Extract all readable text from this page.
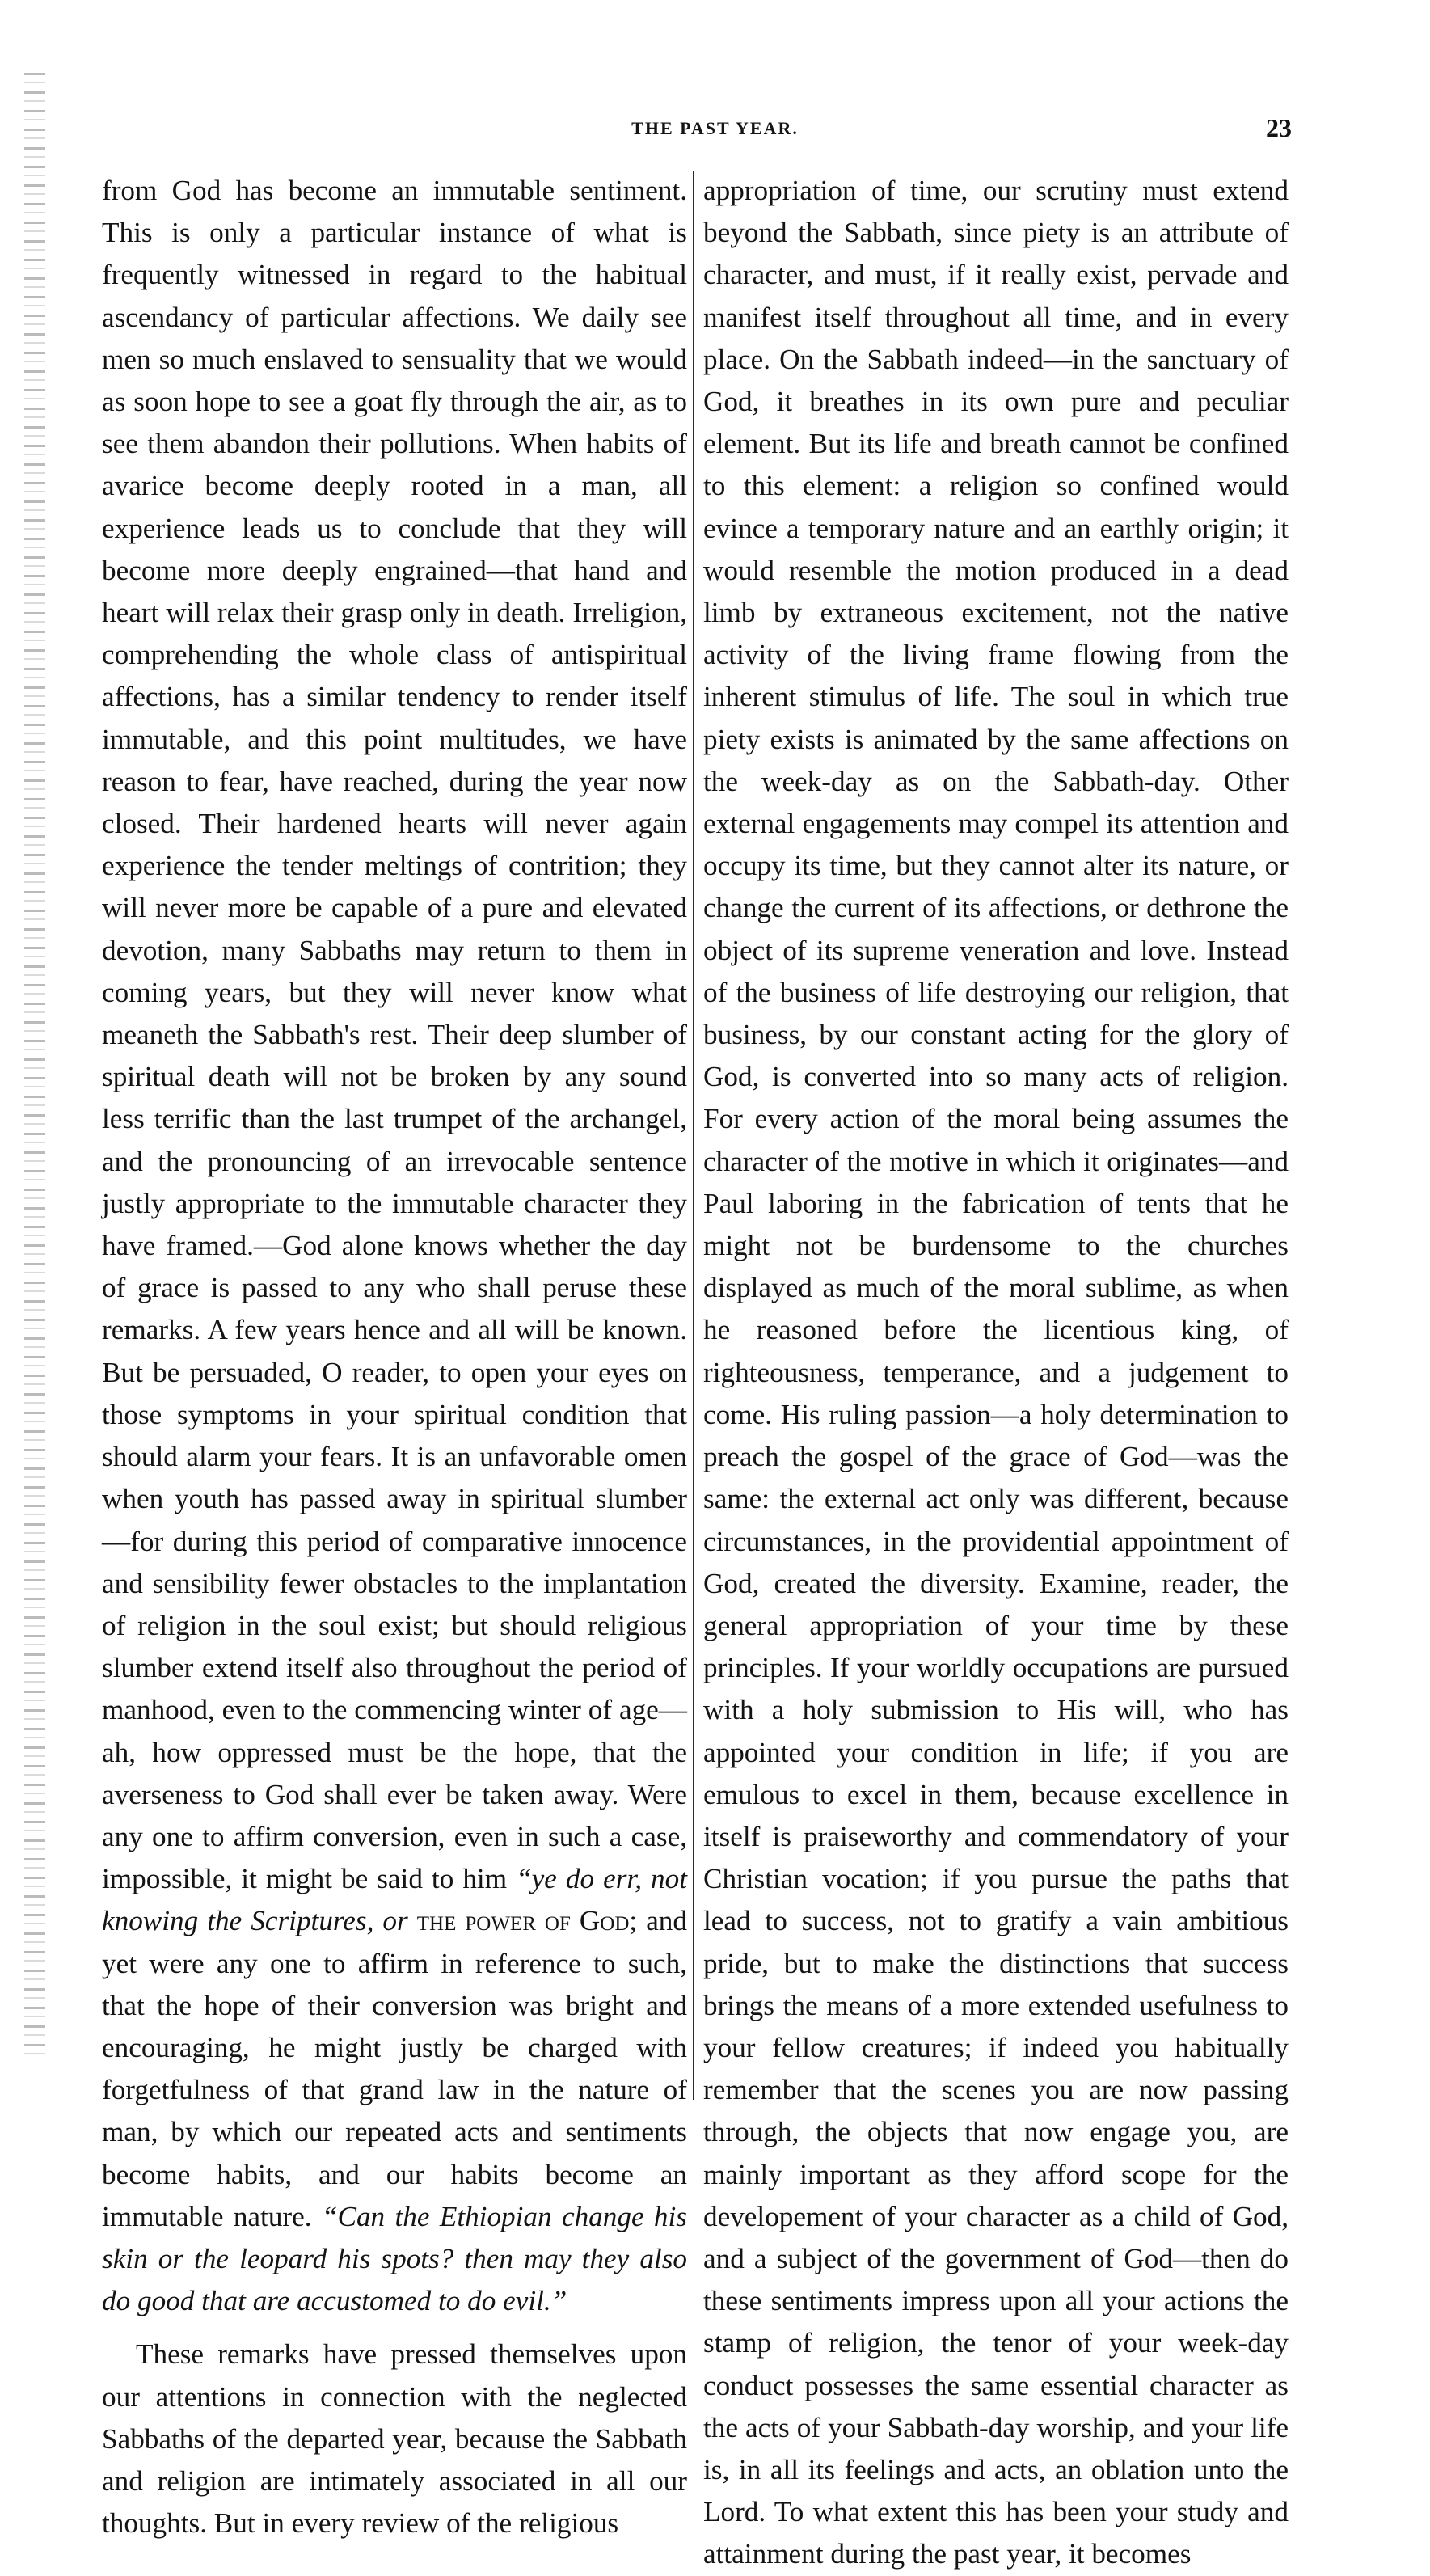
THE PAST YEAR.	23

from God has become an immutable sentiment. This is only a particular instance of what is frequently witnessed in regard to the habitual ascendancy of particular affections. We daily see men so much enslaved to sensuality that we would as soon hope to see a goat fly through the air, as to see them abandon their pollutions. When habits of avarice become deeply rooted in a man, all experience leads us to conclude that they will become more deeply engrained—that hand and heart will relax their grasp only in death. Irreligion, comprehending the whole class of antispiritual affections, has a similar tendency to render itself immutable, and this point multitudes, we have reason to fear, have reached, during the year now closed. Their hardened hearts will never again experience the tender meltings of contrition; they will never more be capable of a pure and elevated devotion, many Sabbaths may return to them in coming years, but they will never know what meaneth the Sabbath's rest. Their deep slumber of spiritual death will not be broken by any sound less terrific than the last trumpet of the archangel, and the pronouncing of an irrevocable sentence justly appropriate to the immutable character they have framed.—God alone knows whether the day of grace is passed to any who shall peruse these remarks. A few years hence and all will be known. But be persuaded, O reader, to open your eyes on those symptoms in your spiritual condition that should alarm your fears. It is an unfavorable omen when youth has passed away in spiritual slumber—for during this period of comparative innocence and sensibility fewer obstacles to the implantation of religion in the soul exist; but should religious slumber extend itself also throughout the period of manhood, even to the commencing winter of age—ah, how oppressed must be the hope, that the averseness to God shall ever be taken away. Were any one to affirm conversion, even in such a case, impossible, it might be said to him “ye do err, not knowing the Scriptures, or the power of God; and yet were any one to affirm in reference to such, that the hope of their conversion was bright and encouraging, he might justly be charged with forgetfulness of that grand law in the nature of man, by which our repeated acts and sentiments become habits, and our habits become an immutable nature. “Can the Ethiopian change his skin or the leopard his spots? then may they also do good that are accustomed to do evil.”

These remarks have pressed themselves upon our attentions in connection with the neglected Sabbaths of the departed year, because the Sabbath and religion are intimately associated in all our thoughts. But in every review of the religious

appropriation of time, our scrutiny must extend beyond the Sabbath, since piety is an attribute of character, and must, if it really exist, pervade and manifest itself throughout all time, and in every place. On the Sabbath indeed—in the sanctuary of God, it breathes in its own pure and peculiar element. But its life and breath cannot be confined to this element: a religion so confined would evince a temporary nature and an earthly origin; it would resemble the motion produced in a dead limb by extraneous excitement, not the native activity of the living frame flowing from the inherent stimulus of life. The soul in which true piety exists is animated by the same affections on the week-day as on the Sabbath-day. Other external engagements may compel its attention and occupy its time, but they cannot alter its nature, or change the current of its affections, or dethrone the object of its supreme veneration and love. Instead of the business of life destroying our religion, that business, by our constant acting for the glory of God, is converted into so many acts of religion. For every action of the moral being assumes the character of the motive in which it originates—and Paul laboring in the fabrication of tents that he might not be burdensome to the churches displayed as much of the moral sublime, as when he reasoned before the licentious king, of righteousness, temperance, and a judgement to come. His ruling passion—a holy determination to preach the gospel of the grace of God—was the same: the external act only was different, because circumstances, in the providential appointment of God, created the diversity. Examine, reader, the general appropriation of your time by these principles. If your worldly occupations are pursued with a holy submission to His will, who has appointed your condition in life; if you are emulous to excel in them, because excellence in itself is praiseworthy and commendatory of your Christian vocation; if you pursue the paths that lead to success, not to gratify a vain ambitious pride, but to make the distinctions that success brings the means of a more extended usefulness to your fellow creatures; if indeed you habitually remember that the scenes you are now passing through, the objects that now engage you, are mainly important as they afford scope for the developement of your character as a child of God, and a subject of the government of God—then do these sentiments impress upon all your actions the stamp of religion, the tenor of your week-day conduct possesses the same essential character as the acts of your Sabbath-day worship, and your life is, in all its feelings and acts, an oblation unto the Lord. To what extent this has been your study and attainment during the past year, it becomes
